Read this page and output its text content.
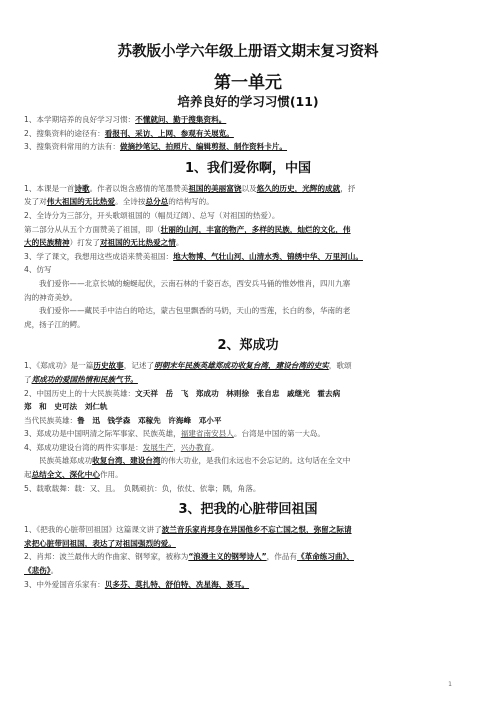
苏教版小学六年级上册语文期末复习资料
第一单元
培养良好的学习习惯(11)

1、本学期培养的良好学习习惯：不懂就问、勤于搜集资料。

2、搜集资料的途径有：看报刊、采访、上网、参观有关展览。

3、搜集资料常用的方法有：做摘抄笔记、拍照片、编辑剪报、制作资料卡片。

1、我们爱你啊，中国

1、本课是一首诗歌。作者以饱含感情的笔墨赞美祖国的美丽富饶以及悠久的历史，光辉的成就，抒

发了对伟大祖国的无比热爱。全诗按总分总的结构写的。

2、全诗分为三部分，开头歌颂祖国的（幅员辽阔）、总写（对祖国的热爱）。

第二部分从从五个方面赞美了祖国，即（壮丽的山河，丰富的物产，多样的民族，灿烂的文化，伟

大的民族精神）打发了对祖国的无比热爱之情。

3、学了课文，我想用这些成语来赞美祖国：地大物博、气壮山河、山清水秀、锦绣中华、万里河山。

4、仿写

我们爱你——北京长城的蜿蜒起伏，云南石林的千姿百态，西安兵马俑的惟妙惟肖，四川九寨

沟的神奇美妙。

我们爱你——藏民手中洁白的哈达，蒙古包里飘香的马奶，天山的雪莲，长白的参，华南的老

虎，扬子江的鳄。

2、郑成功

1、《郑成功》是一篇历史故事，记述了明朝末年民族英雄郑成功收复台湾，建设台湾的史实，歌颂

了郑成功的爱国热情和民族气节。

2、中国历史上的十大民族英雄：文天祥　岳　飞　郑成功　林则徐　张自忠　戚继光　霍去病

郑　和　史可法　刘仁轨

当代民族英雄：鲁　迅　钱学森　邓稼先　许海峰　邓小平

3、郑成功是中国明清之际军事家、民族英雄，福建省南安县人。台湾是中国的第一大岛。

4、郑成功建设台湾的两件实事是：发展生产，兴办教育。

民族英雄郑成功收复台湾、建设台湾的伟大功业，是我们永远也不会忘记的。这句话在全文中

起总结全文、深化中心作用。

5、载歌载舞：载：又、且。　负隅顽抗：负，依仗、依靠；隅，角落。

3、把我的心脏带回祖国

1、《把我的心脏带回祖国》这篇课文讲了波兰音乐家肖邦身在异国他乡不忘亡国之恨，弥留之际请

求把心脏带回祖国，表达了对祖国强烈的爱。

2、肖邦：波兰最伟大的作曲家、钢琴家，被称为“浪漫主义的钢琴诗人”，作品有《革命练习曲》、

《悲伤》。

3、中外爱国音乐家有：贝多芬、莫扎特、舒伯特、冼星海、聂耳。

1
